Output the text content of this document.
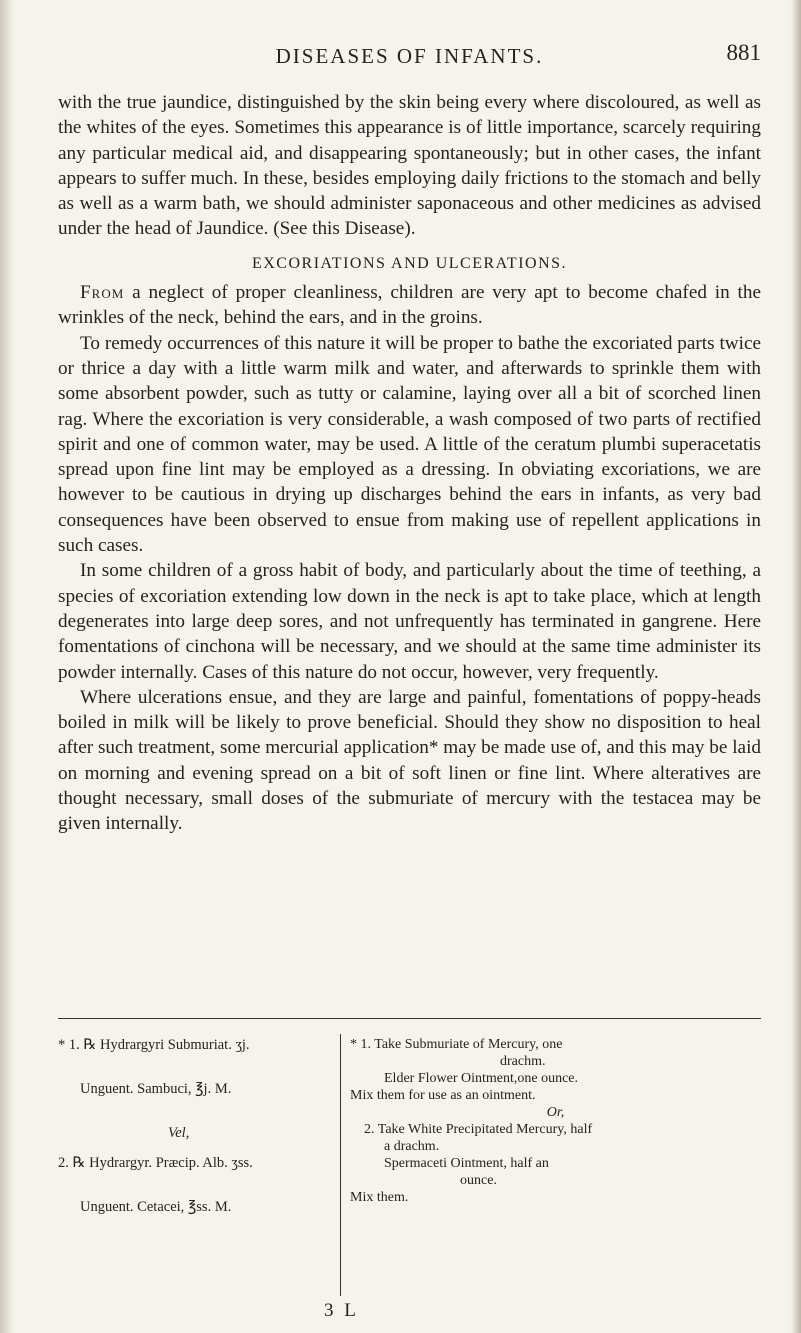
DISEASES OF INFANTS.	881

with the true jaundice, distinguished by the skin being every where discoloured, as well as the whites of the eyes. Sometimes this appearance is of little importance, scarcely requiring any particular medical aid, and disappearing spontaneously; but in other cases, the infant appears to suffer much. In these, besides employing daily frictions to the stomach and belly as well as a warm bath, we should administer saponaceous and other medicines as advised under the head of Jaundice. (See this Disease).

EXCORIATIONS AND ULCERATIONS.

From a neglect of proper cleanliness, children are very apt to become chafed in the wrinkles of the neck, behind the ears, and in the groins.

To remedy occurrences of this nature it will be proper to bathe the excoriated parts twice or thrice a day with a little warm milk and water, and afterwards to sprinkle them with some absorbent powder, such as tutty or calamine, laying over all a bit of scorched linen rag. Where the excoriation is very considerable, a wash composed of two parts of rectified spirit and one of common water, may be used. A little of the ceratum plumbi superacetatis spread upon fine lint may be employed as a dressing. In obviating excoriations, we are however to be cautious in drying up discharges behind the ears in infants, as very bad consequences have been observed to ensue from making use of repellent applications in such cases.

In some children of a gross habit of body, and particularly about the time of teething, a species of excoriation extending low down in the neck is apt to take place, which at length degenerates into large deep sores, and not unfrequently has terminated in gangrene. Here fomentations of cinchona will be necessary, and we should at the same time administer its powder internally. Cases of this nature do not occur, however, very frequently.

Where ulcerations ensue, and they are large and painful, fomentations of poppy-heads boiled in milk will be likely to prove beneficial. Should they show no disposition to heal after such treatment, some mercurial application* may be made use of, and this may be laid on morning and evening spread on a bit of soft linen or fine lint. Where alteratives are thought necessary, small doses of the submuriate of mercury with the testacea may be given internally.

* 1. ℞ Hydrargyri Submuriat. ʒj.
Unguent. Sambuci, ℥j. M.
Vel,
2. ℞ Hydrargyr. Præcip. Alb. ʒss.
Unguent. Cetacei, ℥ss. M.
* 1. Take Submuriate of Mercury, one
drachm.
Elder Flower Ointment,one ounce.
Mix them for use as an ointment.
Or,
2. Take White Precipitated Mercury, half
a drachm.
Spermaceti Ointment, half an
ounce.
Mix them.
3 L
